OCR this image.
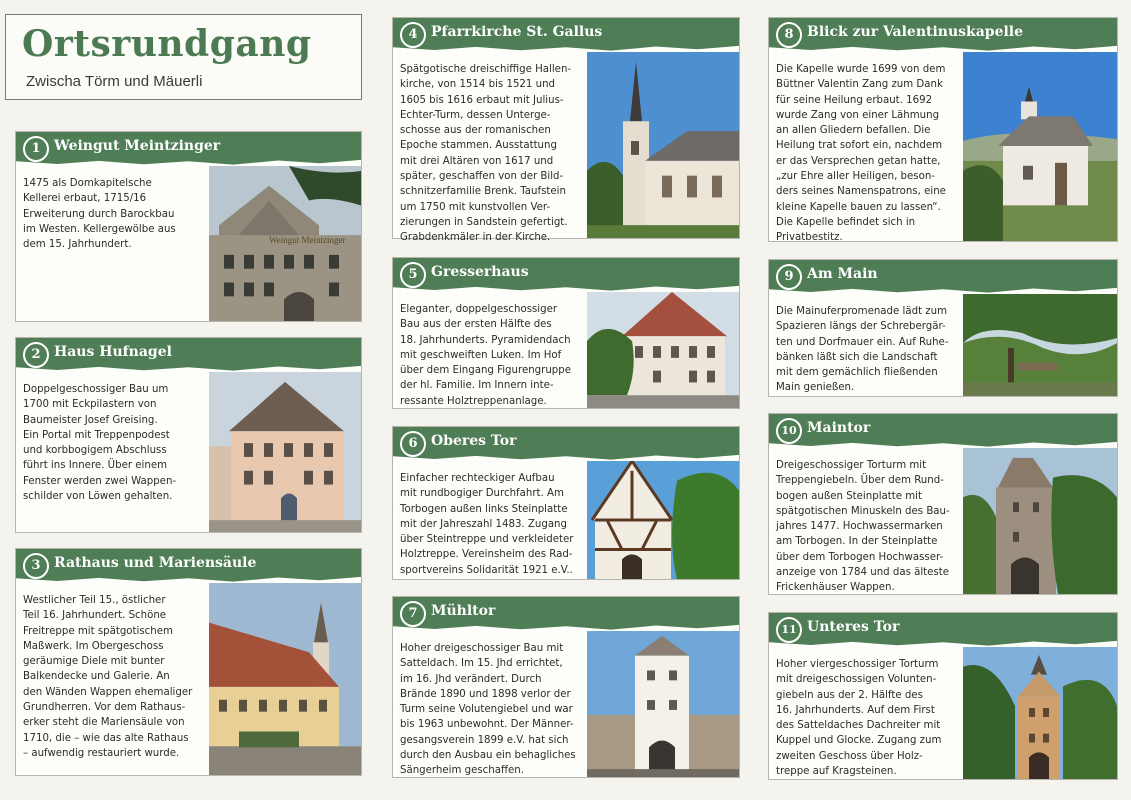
Ortsrundgang
Zwischa Törm und Mäuerli
1 Weingut Meintzinger
1475 als Domkapitelsche
Kellerei erbaut, 1715/16
Erweiterung durch Barockbau
im Westen. Kellergewölbe aus
dem 15. Jahrhundert.	Weingut Meintzinger
2 Haus Hufnagel
Doppelgeschossiger Bau um
1700 mit Eckpilastern von
Baumeister Josef Greising.
Ein Portal mit Treppenpodest
und korbbogigem Abschluss
führt ins Innere. Über einem
Fenster werden zwei Wappen-
schilder von Löwen gehalten.
3 Rathaus und Mariensäule
Westlicher Teil 15., östlicher
Teil 16. Jahrhundert. Schöne
Freitreppe mit spätgotischem
Maßwerk. Im Obergeschoss
geräumige Diele mit bunter
Balkendecke und Galerie. An
den Wänden Wappen ehemaliger
Grundherren. Vor dem Rathaus-
erker steht die Mariensäule von
1710, die – wie das alte Rathaus
– aufwendig restauriert wurde.
4 Pfarrkirche St. Gallus
Spätgotische dreischiffige Hallen-
kirche, von 1514 bis 1521 und
1605 bis 1616 erbaut mit Julius-
Echter-Turm, dessen Unterge-
schosse aus der romanischen
Epoche stammen. Ausstattung
mit drei Altären von 1617 und
später, geschaffen von der Bild-
schnitzerfamilie Brenk. Taufstein
um 1750 mit kunstvollen Ver-
zierungen in Sandstein gefertigt.
Grabdenkmäler in der Kirche.
5 Gresserhaus
Eleganter, doppelgeschossiger
Bau aus der ersten Hälfte des
18. Jahrhunderts. Pyramidendach
mit geschweiften Luken. Im Hof
über dem Eingang Figurengruppe
der hl. Familie. Im Innern inte-
ressante Holztreppenanlage.
6 Oberes Tor
Einfacher rechteckiger Aufbau
mit rundbogiger Durchfahrt. Am
Torbogen außen links Steinplatte
mit der Jahreszahl 1483. Zugang
über Steintreppe und verkleideter
Holztreppe. Vereinsheim des Rad-
sportvereins Solidarität 1921 e.V..
7 Mühltor
Hoher dreigeschossiger Bau mit
Satteldach. Im 15. Jhd errichtet,
im 16. Jhd verändert. Durch
Brände 1890 und 1898 verlor der
Turm seine Volutengiebel und war
bis 1963 unbewohnt. Der Männer-
gesangsverein 1899 e.V. hat sich
durch den Ausbau ein behagliches
Sängerheim geschaffen.
8 Blick zur Valentinuskapelle
Die Kapelle wurde 1699 von dem
Büttner Valentin Zang zum Dank
für seine Heilung erbaut. 1692
wurde Zang von einer Lähmung
an allen Gliedern befallen. Die
Heilung trat sofort ein, nachdem
er das Versprechen getan hatte,
„zur Ehre aller Heiligen, beson-
ders seines Namenspatrons, eine
kleine Kapelle bauen zu lassen“.
Die Kapelle befindet sich in
Privatbestitz.
9 Am Main
Die Mainuferpromenade lädt zum
Spazieren längs der Schrebergär-
ten und Dorfmauer ein. Auf Ruhe-
bänken läßt sich die Landschaft
mit dem gemächlich fließenden
Main genießen.
10 Maintor
Dreigeschossiger Torturm mit
Treppengiebeln. Über dem Rund-
bogen außen Steinplatte mit
spätgotischen Minuskeln des Bau-
jahres 1477. Hochwassermarken
am Torbogen. In der Steinplatte
über dem Torbogen Hochwasser-
anzeige von 1784 und das älteste
Frickenhäuser Wappen.
11 Unteres Tor
Hoher viergeschossiger Torturm
mit dreigeschossigen Volunten-
giebeln aus der 2. Hälfte des
16. Jahrhunderts. Auf dem First
des Satteldaches Dachreiter mit
Kuppel und Glocke. Zugang zum
zweiten Geschoss über Holz-
treppe auf Kragsteinen.
